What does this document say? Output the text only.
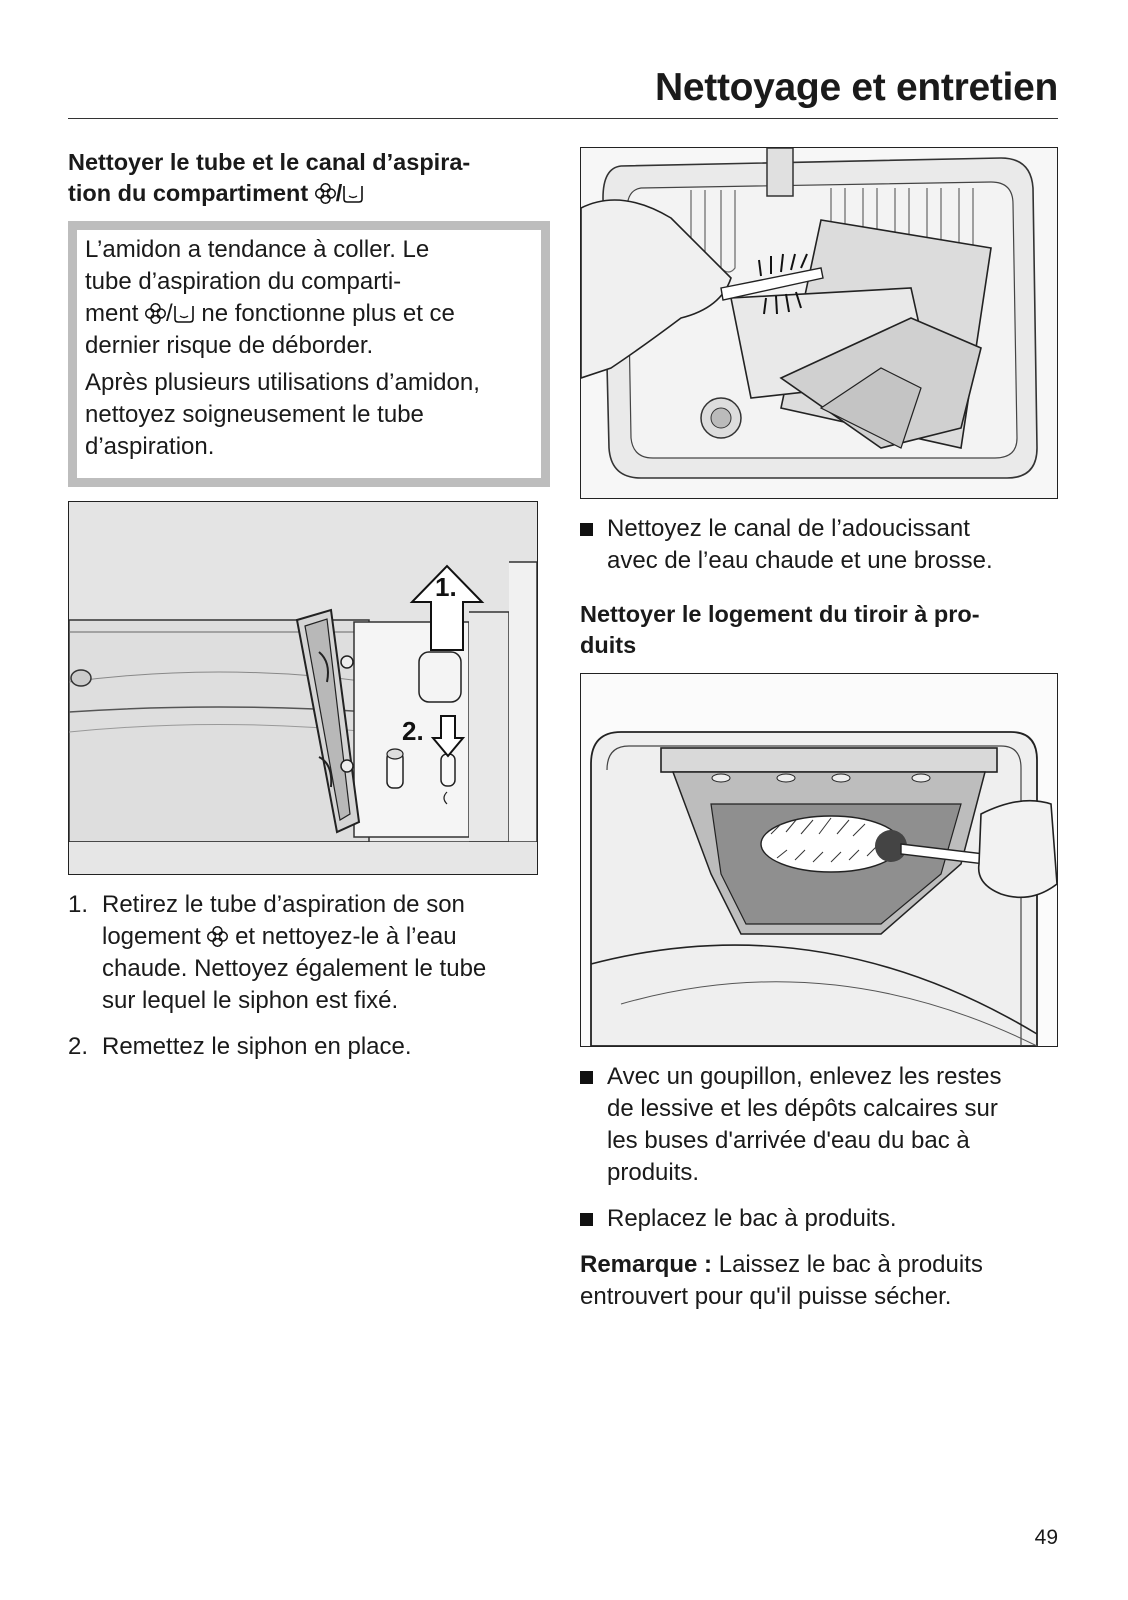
Nettoyage et entretien
Nettoyer le tube et le canal d’aspira-
tion du compartiment /

L’amidon a tendance à coller. Le
tube d’aspiration du comparti-
ment / ne fonctionne plus et ce
dernier risque de déborder.

Après plusieurs utilisations d’amidon,
nettoyez soigneusement le tube
d’aspiration.

1.
2.
1. Retirez le tube d’aspiration de son
logement et nettoyez-le à l’eau
chaude. Nettoyez également le tube
sur lequel le siphon est fixé.
2. Remettez le siphon en place.
Nettoyez le canal de l’adoucissant
avec de l’eau chaude et une brosse.
Nettoyer le logement du tiroir à pro-
duits
Avec un goupillon, enlevez les restes
de lessive et les dépôts calcaires sur
les buses d'arrivée d'eau du bac à
produits.
Replacez le bac à produits.

Remarque : Laissez le bac à produits
entrouvert pour qu'il puisse sécher.

49
